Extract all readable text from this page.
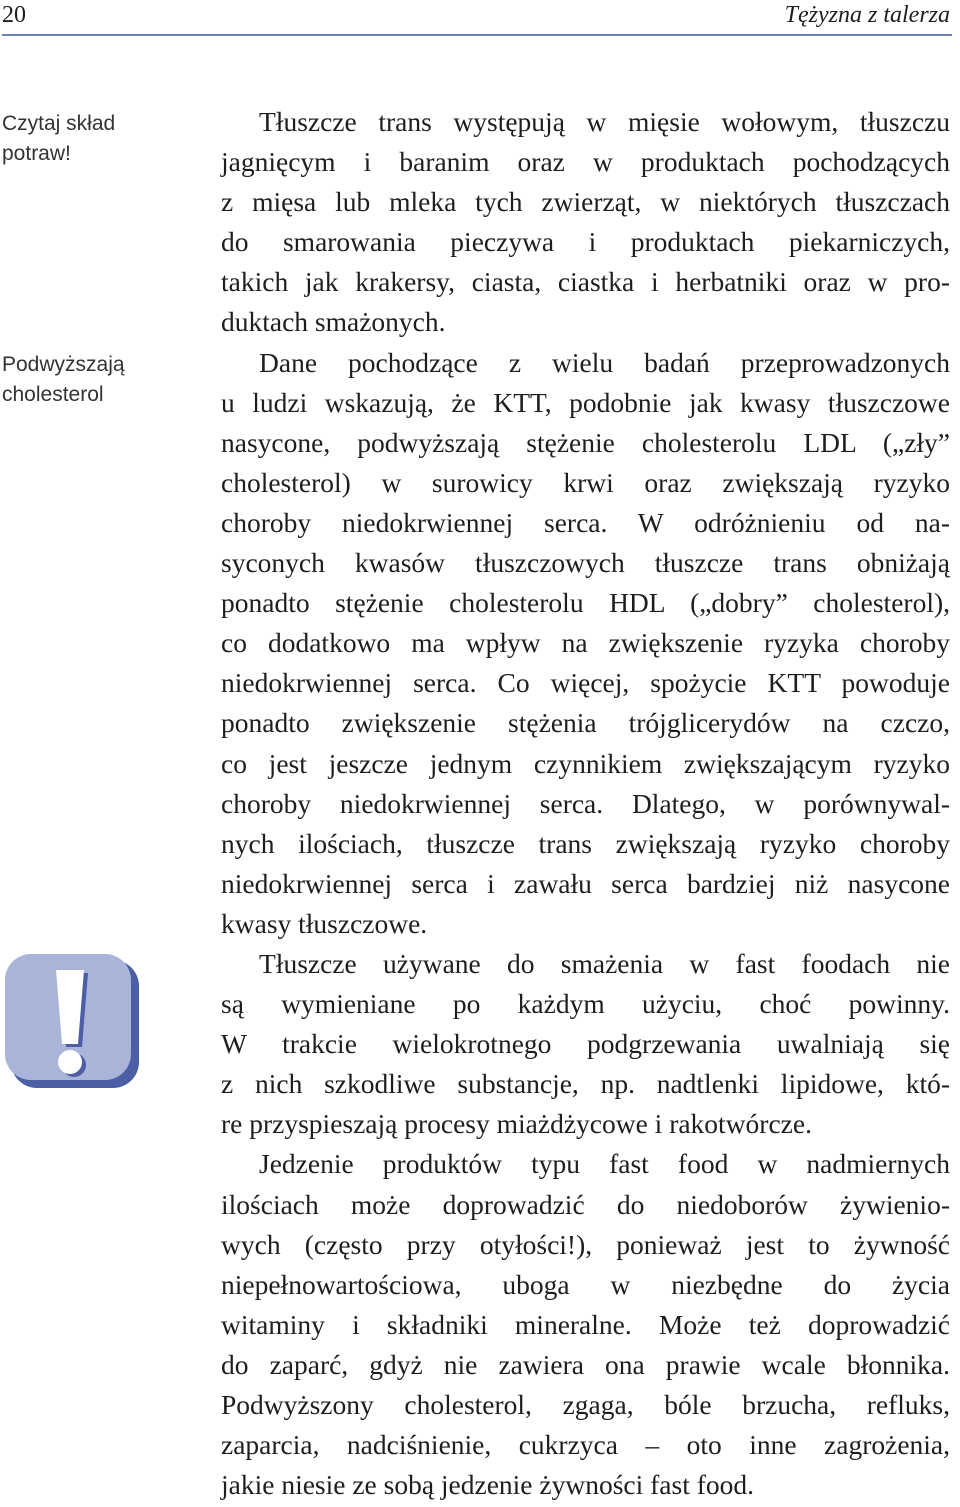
20	Tężyzna z talerza
Czytaj skład
potraw!
Podwyższają
cholesterol
Tłuszcze trans występują w mięsie wołowym, tłuszczu
jagnięcym i baranim oraz w produktach pochodzących
z mięsa lub mleka tych zwierząt, w niektórych tłuszczach
do smarowania pieczywa i produktach piekarniczych,
takich jak krakersy, ciasta, ciastka i herbatniki oraz w pro-
duktach smażonych.
Dane pochodzące z wielu badań przeprowadzonych
u ludzi wskazują, że KTT, podobnie jak kwasy tłuszczowe
nasycone, podwyższają stężenie cholesterolu LDL („zły”
cholesterol) w surowicy krwi oraz zwiększają ryzyko
choroby niedokrwiennej serca. W odróżnieniu od na-
syconych kwasów tłuszczowych tłuszcze trans obniżają
ponadto stężenie cholesterolu HDL („dobry” cholesterol),
co dodatkowo ma wpływ na zwiększenie ryzyka choroby
niedokrwiennej serca. Co więcej, spożycie KTT powoduje
ponadto zwiększenie stężenia trójglicerydów na czczo,
co jest jeszcze jednym czynnikiem zwiększającym ryzyko
choroby niedokrwiennej serca. Dlatego, w porównywal-
nych ilościach, tłuszcze trans zwiększają ryzyko choroby
niedokrwiennej serca i zawału serca bardziej niż nasycone
kwasy tłuszczowe.
Tłuszcze używane do smażenia w fast foodach nie
są wymieniane po każdym użyciu, choć powinny.
W trakcie wielokrotnego podgrzewania uwalniają się
z nich szkodliwe substancje, np. nadtlenki lipidowe, któ-
re przyspieszają procesy miażdżycowe i rakotwórcze.
Jedzenie produktów typu fast food w nadmiernych
ilościach może doprowadzić do niedoborów żywienio-
wych (często przy otyłości!), ponieważ jest to żywność
niepełnowartościowa, uboga w niezbędne do życia
witaminy i składniki mineralne. Może też doprowadzić
do zaparć, gdyż nie zawiera ona prawie wcale błonnika.
Podwyższony cholesterol, zgaga, bóle brzucha, refluks,
zaparcia, nadciśnienie, cukrzyca – oto inne zagrożenia,
jakie niesie ze sobą jedzenie żywności fast food.
